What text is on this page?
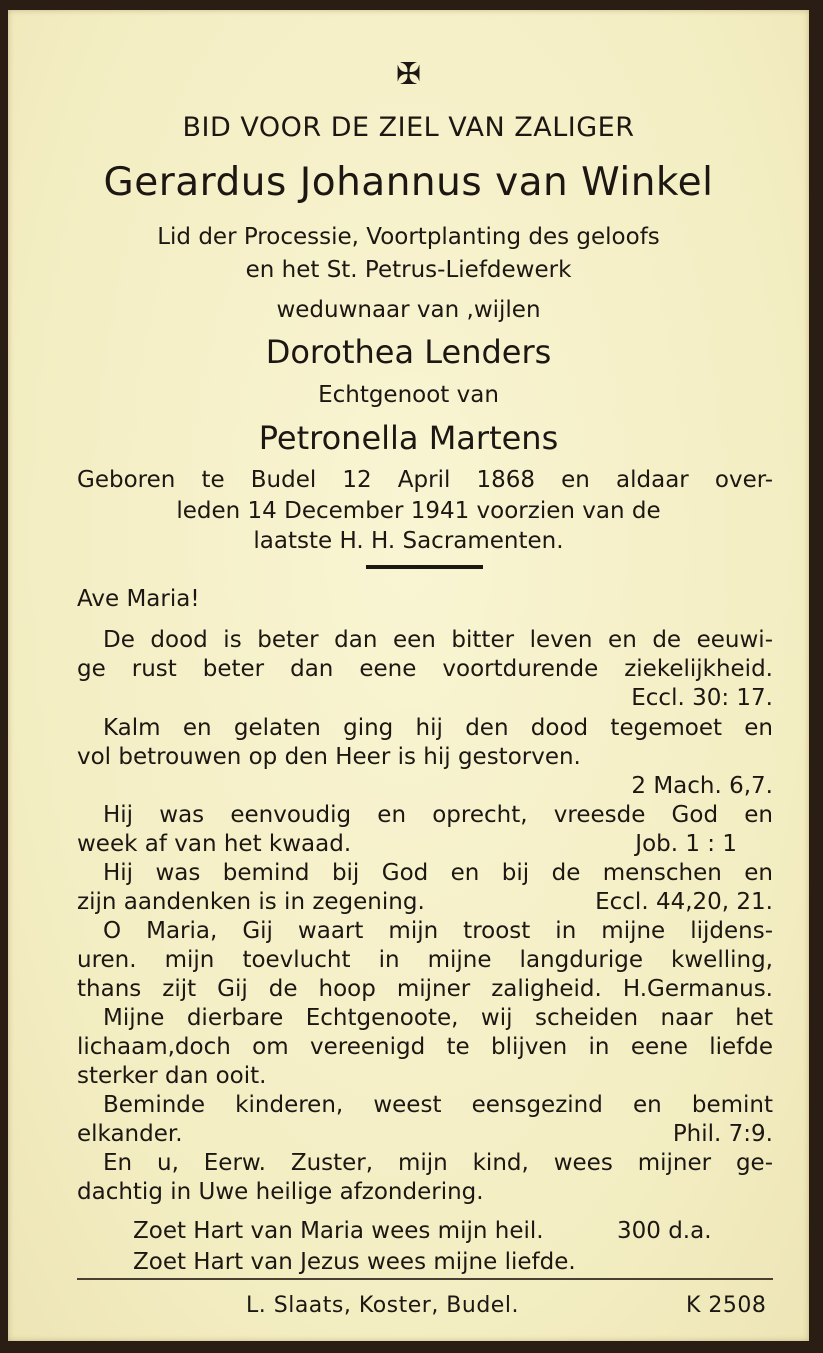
✠
BID VOOR DE ZIEL VAN ZALIGER
Gerardus Johannus van Winkel
Lid der Processie, Voortplanting des geloofs
en het St. Petrus-Liefdewerk
weduwnaar van ,wijlen
Dorothea Lenders
Echtgenoot van
Petronella Martens
Geboren te Budel 12 April 1868 en aldaar over-
leden 14 December 1941 voorzien van de
laatste H. H. Sacramenten.
Ave Maria!
De dood is beter dan een bitter leven en de eeuwi-
ge rust beter dan eene voortdurende ziekelijkheid.
Eccl. 30: 17.
Kalm en gelaten ging hij den dood tegemoet en
vol betrouwen op den Heer is hij gestorven.
2 Mach. 6,7.
Hij was eenvoudig en oprecht, vreesde God en
week af van het kwaad.	Job. 1 : 1
Hij was bemind bij God en bij de menschen en
zijn aandenken is in zegening.	Eccl. 44,20, 21.
O Maria, Gij waart mijn troost in mijne lijdens-
uren. mijn toevlucht in mijne langdurige kwelling,
thans zijt Gij de hoop mijner zaligheid. H.Germanus.
Mijne dierbare Echtgenoote, wij scheiden naar het
lichaam,doch om vereenigd te blijven in eene liefde
sterker dan ooit.
Beminde kinderen, weest eensgezind en bemint
elkander.	Phil. 7:9.
En u, Eerw. Zuster, mijn kind, wees mijner ge-
dachtig in Uwe heilige afzondering.
Zoet Hart van Maria wees mijn heil.	300 d.a.
Zoet Hart van Jezus wees mijne liefde.
L. Slaats, Koster, Budel.	K 2508
